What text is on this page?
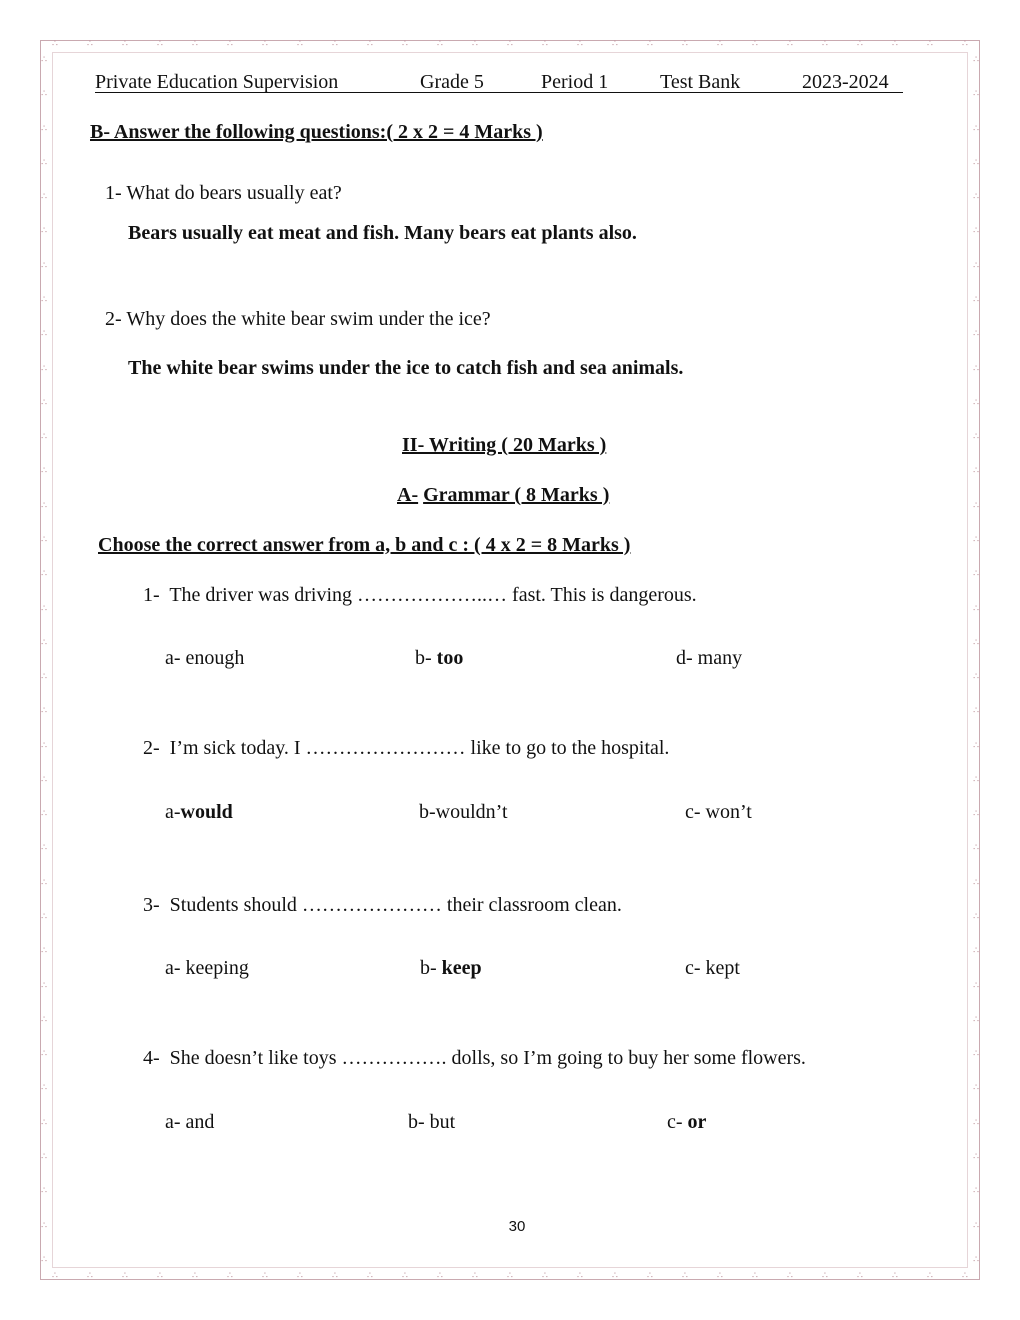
∴	∴	∴	∴	∴	∴	∴	∴	∴	∴	∴	∴	∴	∴	∴	∴	∴	∴	∴	∴	∴	∴	∴	∴	∴	∴	∴
∴	∴	∴	∴	∴	∴	∴	∴	∴	∴	∴	∴	∴	∴	∴	∴	∴	∴	∴	∴	∴	∴	∴	∴	∴	∴	∴
∴
∴
∴
∴
∴
∴
∴
∴
∴
∴
∴
∴
∴
∴
∴
∴
∴
∴
∴
∴
∴
∴
∴
∴
∴
∴
∴
∴
∴
∴
∴
∴
∴
∴
∴
∴
∴
∴
∴
∴
∴
∴
∴
∴
∴
∴
∴
∴
∴
∴
∴
∴
∴
∴
∴
∴
∴
∴
∴
∴
∴
∴
∴
∴
∴
∴
∴
∴
∴
∴
∴
∴
Private Education Supervision	Grade 5	Period 1	Test Bank	2023-2024
B- Answer the following questions:( 2 x 2 = 4 Marks )
1- What do bears usually eat?
Bears usually eat meat and fish. Many bears eat plants also.
2- Why does the white bear swim under the ice?
The white bear swims under the ice to catch fish and sea animals.
II- Writing ( 20 Marks )
A- Grammar ( 8 Marks )
Choose the correct answer from a, b and c : ( 4 x 2 = 8 Marks )
1- The driver was driving ………………..… fast. This is dangerous.
a- enough	b- too	d- many
2- I’m sick today. I …………………… like to go to the hospital.
a-would	b-wouldn’t	c- won’t
3- Students should ………………… their classroom clean.
a- keeping	b- keep	c- kept
4- She doesn’t like toys ……………. dolls, so I’m going to buy her some flowers.
a- and	b- but	c- or
30
